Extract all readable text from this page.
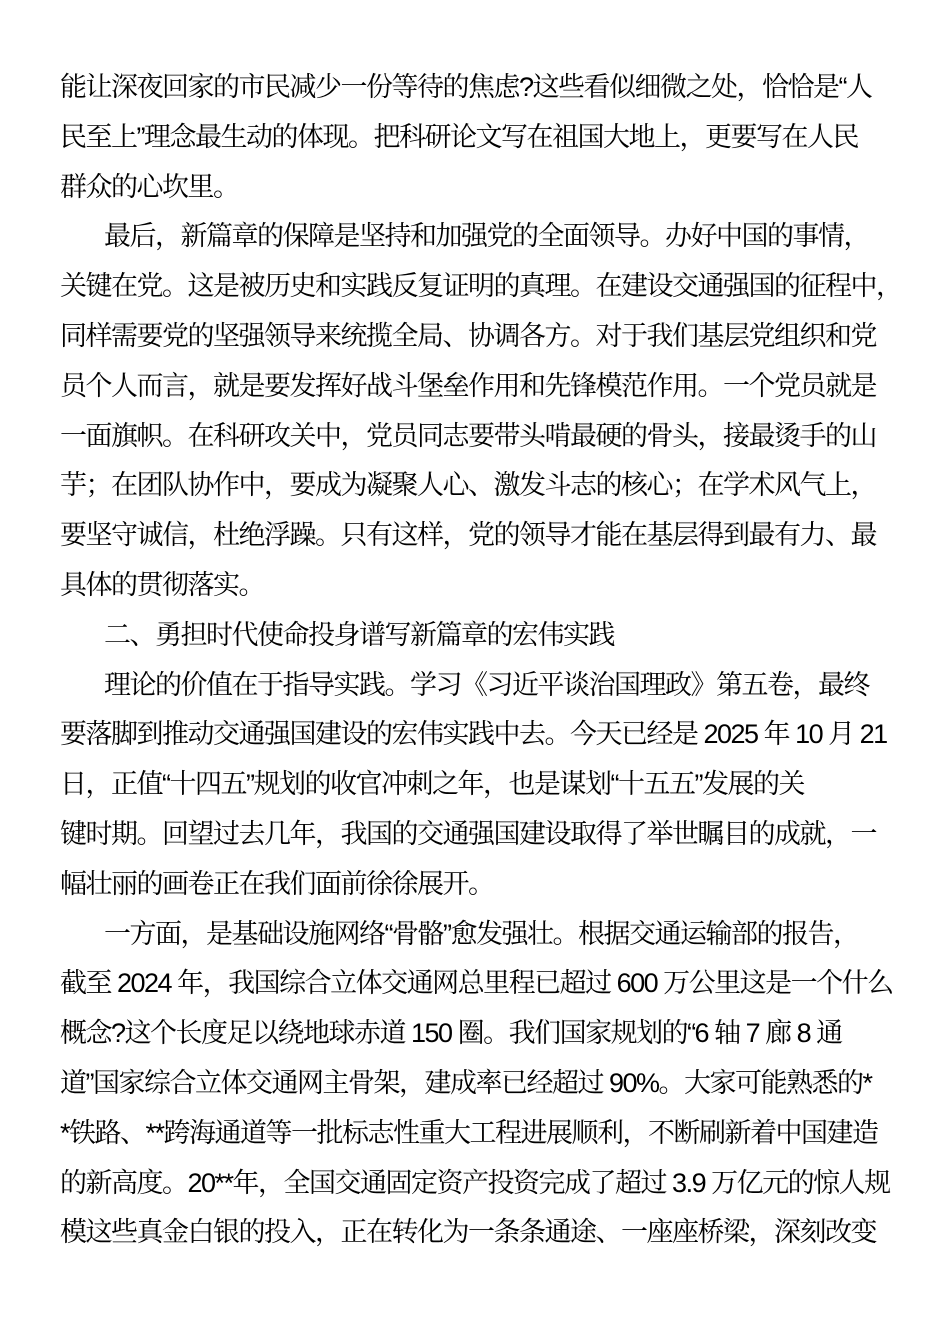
能让深夜回家的市民减少一份等待的焦虑?这些看似细微之处，恰恰是“人
民至上”理念最生动的体现。把科研论文写在祖国大地上，更要写在人民
群众的心坎里。
最后，新篇章的保障是坚持和加强党的全面领导。办好中国的事情，
关键在党。这是被历史和实践反复证明的真理。在建设交通强国的征程中，
同样需要党的坚强领导来统揽全局、协调各方。对于我们基层党组织和党
员个人而言，就是要发挥好战斗堡垒作用和先锋模范作用。一个党员就是
一面旗帜。在科研攻关中，党员同志要带头啃最硬的骨头，接最烫手的山
芋；在团队协作中，要成为凝聚人心、激发斗志的核心；在学术风气上，
要坚守诚信，杜绝浮躁。只有这样，党的领导才能在基层得到最有力、最
具体的贯彻落实。
二、勇担时代使命投身谱写新篇章的宏伟实践
理论的价值在于指导实践。学习《习近平谈治国理政》第五卷，最终
要落脚到推动交通强国建设的宏伟实践中去。今天已经是 2025 年 10 月 21
日，正值“十四五”规划的收官冲刺之年，也是谋划“十五五”发展的关
键时期。回望过去几年，我国的交通强国建设取得了举世瞩目的成就，一
幅壮丽的画卷正在我们面前徐徐展开。
一方面，是基础设施网络“骨骼”愈发强壮。根据交通运输部的报告，
截至 2024 年，我国综合立体交通网总里程已超过 600 万公里这是一个什么
概念?这个长度足以绕地球赤道 150 圈。我们国家规划的“6 轴 7 廊 8 通
道”国家综合立体交通网主骨架，建成率已经超过 90%。大家可能熟悉的*
*铁路、**跨海通道等一批标志性重大工程进展顺利，不断刷新着中国建造
的新高度。20**年，全国交通固定资产投资完成了超过 3.9 万亿元的惊人规
模这些真金白银的投入，正在转化为一条条通途、一座座桥梁，深刻改变
